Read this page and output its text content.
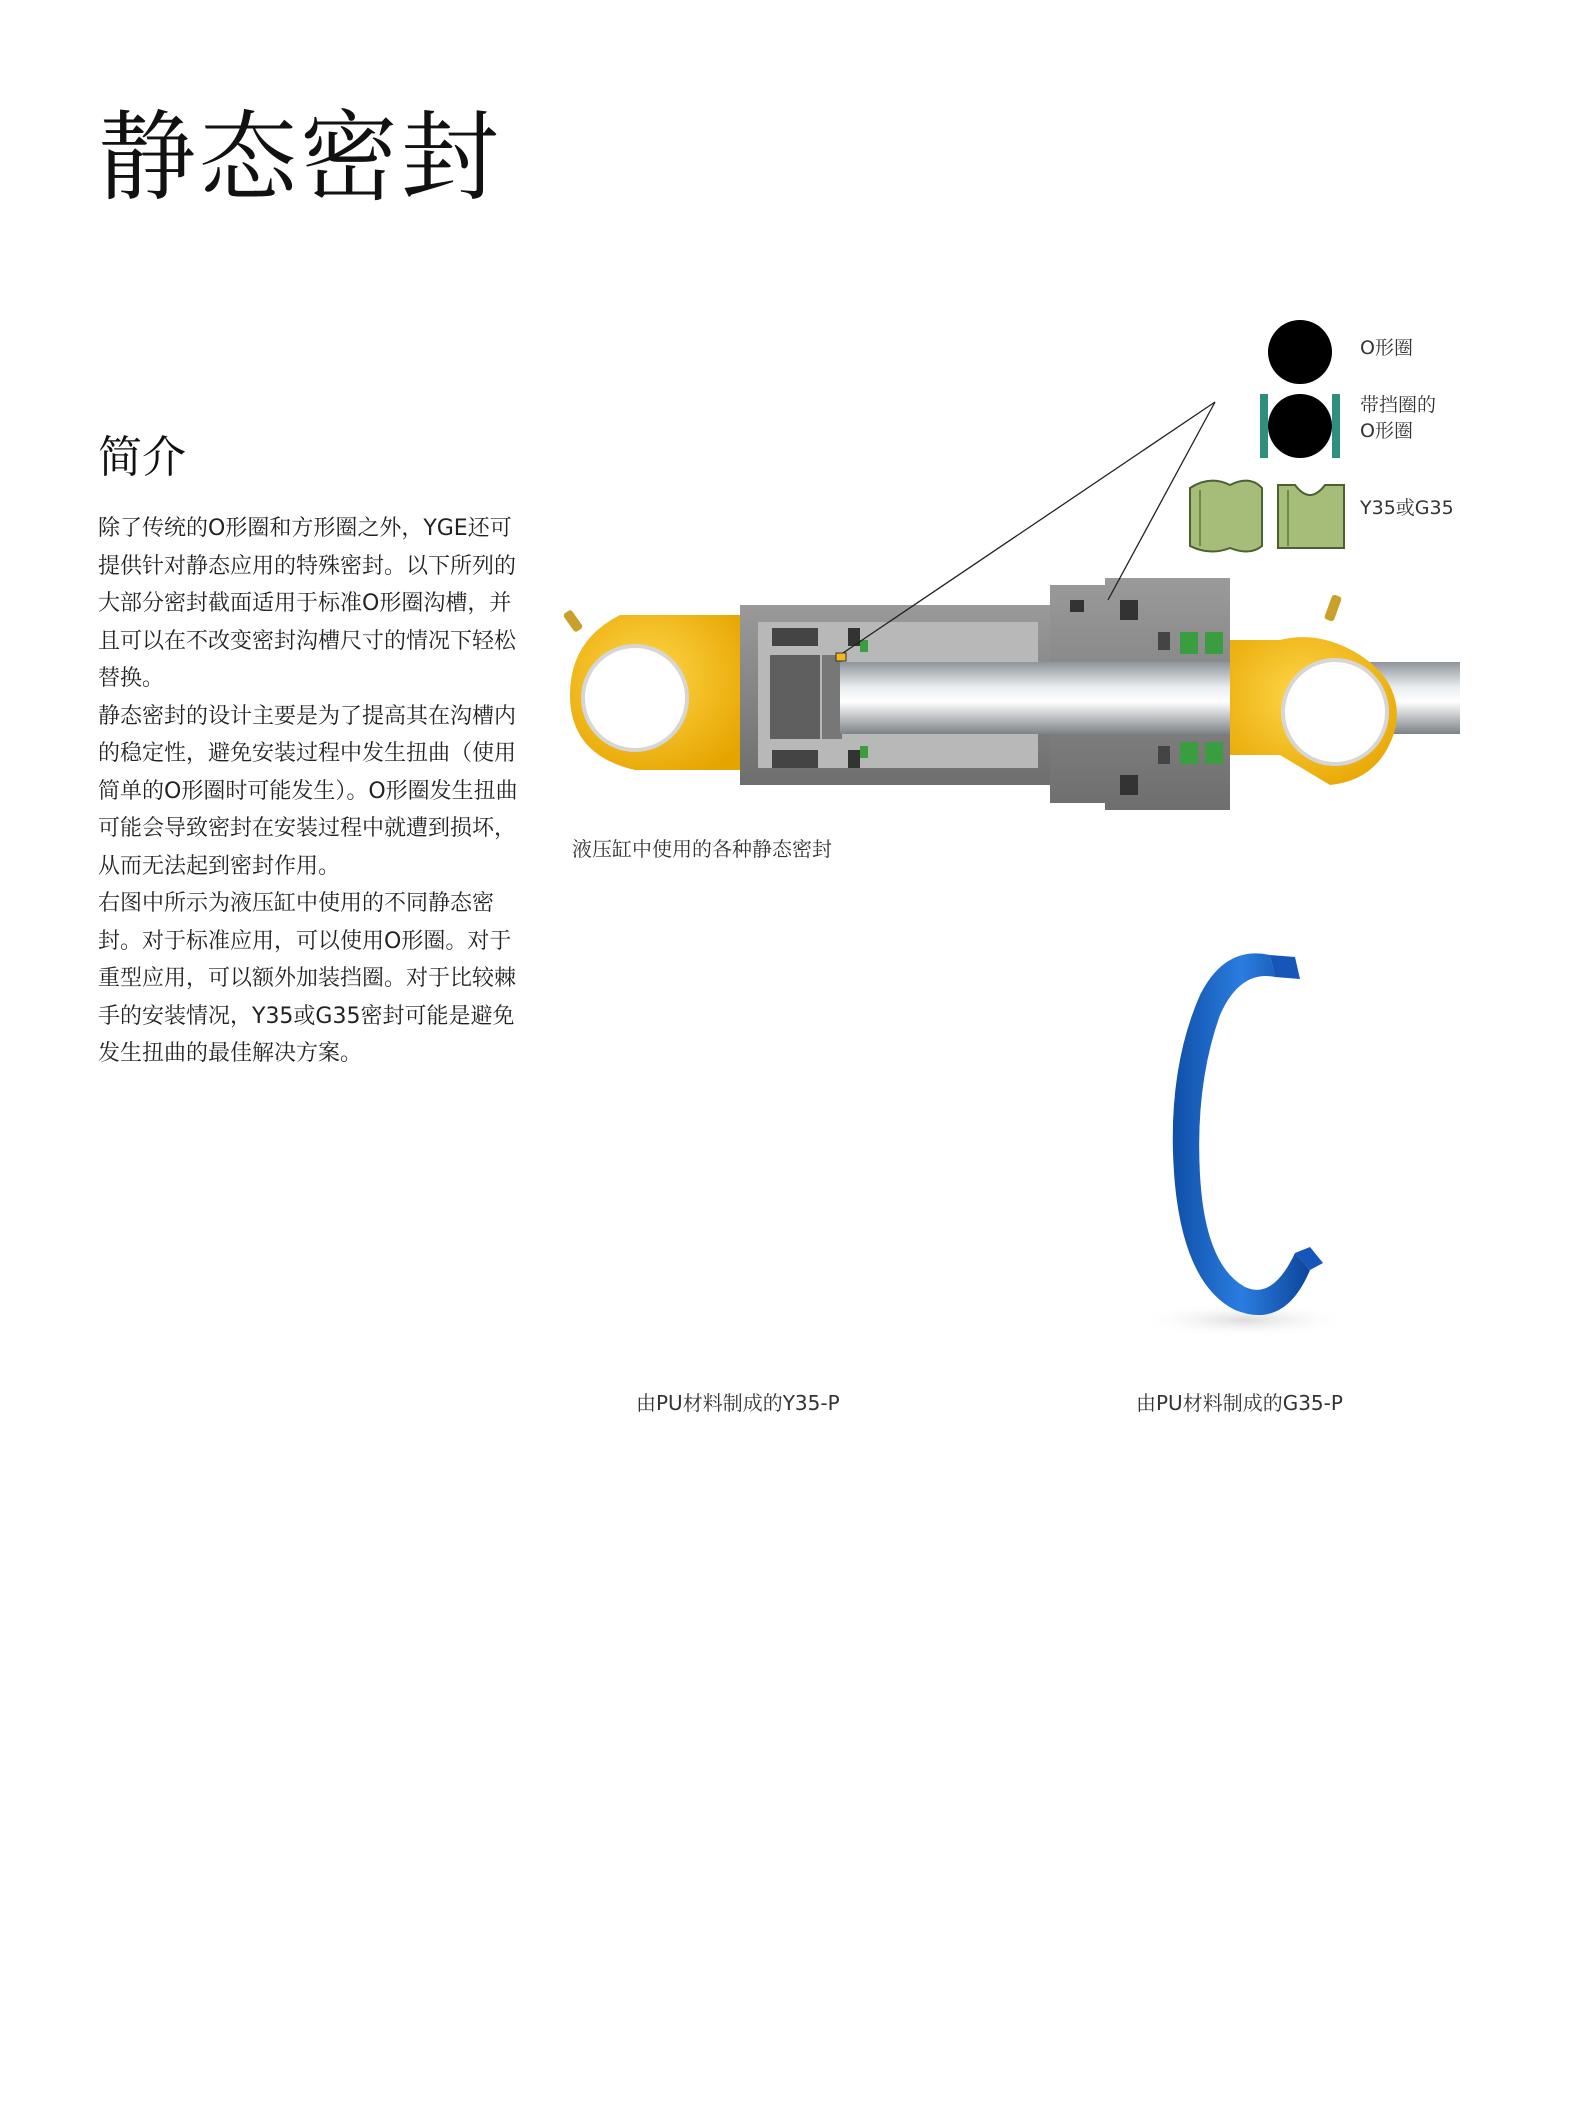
静态密封
简介

除了传统的O形圈和方形圈之外，YGE还可提供针对静态应用的特殊密封。以下所列的大部分密封截面适用于标准O形圈沟槽，并且可以在不改变密封沟槽尺寸的情况下轻松替换。

静态密封的设计主要是为了提高其在沟槽内的稳定性，避免安装过程中发生扭曲（使用简单的O形圈时可能发生）。O形圈发生扭曲可能会导致密封在安装过程中就遭到损坏，从而无法起到密封作用。

右图中所示为液压缸中使用的不同静态密封。对于标准应用，可以使用O形圈。对于重型应用，可以额外加装挡圈。对于比较棘手的安装情况，Y35或G35密封可能是避免发生扭曲的最佳解决方案。

O形圈
带挡圈的
O形圈
Y35或G35
液压缸中使用的各种静态密封
由PU材料制成的Y35-P	由PU材料制成的G35-P
